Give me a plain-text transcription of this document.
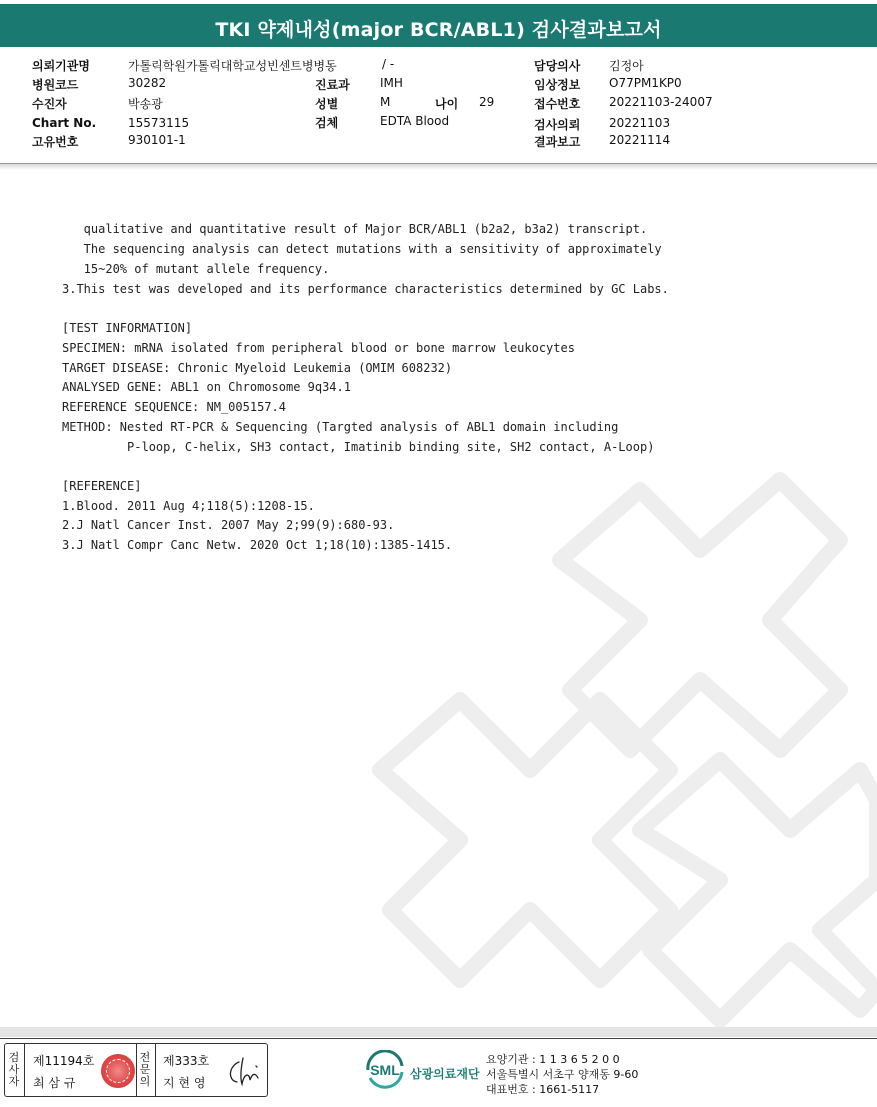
TKI 약제내성(major BCR/ABL1) 검사결과보고서
의뢰기관명	가톨릭학원가톨릭대학교성빈센트병병동	/ -	담당의사 김정아
병원코드	30282	진료과	IMH	임상정보 O77PM1KP0
수진자	박송광	성별	M	나이 29	접수번호 20221103-24007
Chart No.	15573115	검체	EDTA Blood	검사의뢰 20221103
고유번호	930101-1	결과보고 20221114

qualitative and quantitative result of Major BCR/ABL1 (b2a2, b3a2) transcript.

The sequencing analysis can detect mutations with a sensitivity of approximately

15~20% of mutant allele frequency.

3.This test was developed and its performance characteristics determined by GC Labs.

[TEST INFORMATION]

SPECIMEN: mRNA isolated from peripheral blood or bone marrow leukocytes

TARGET DISEASE: Chronic Myeloid Leukemia (OMIM 608232)

ANALYSED GENE: ABL1 on Chromosome 9q34.1

REFERENCE SEQUENCE: NM_005157.4

METHOD: Nested RT-PCR & Sequencing (Targted analysis of ABL1 domain including

P-loop, C-helix, SH3 contact, Imatinib binding site, SH2 contact, A-Loop)

[REFERENCE]

1.Blood. 2011 Aug 4;118(5):1208-15.

2.J Natl Cancer Inst. 2007 May 2;99(9):680-93.

3.J Natl Compr Canc Netw. 2020 Oct 1;18(10):1385-1415.

검사자
제11194호
최 삼 규
전문의
제333호
지 현 영
SML 삼광의료재단
요양기관 : 1 1 3 6 5 2 0 0
서울특별시 서초구 양재동 9-60
대표번호 : 1661-5117
